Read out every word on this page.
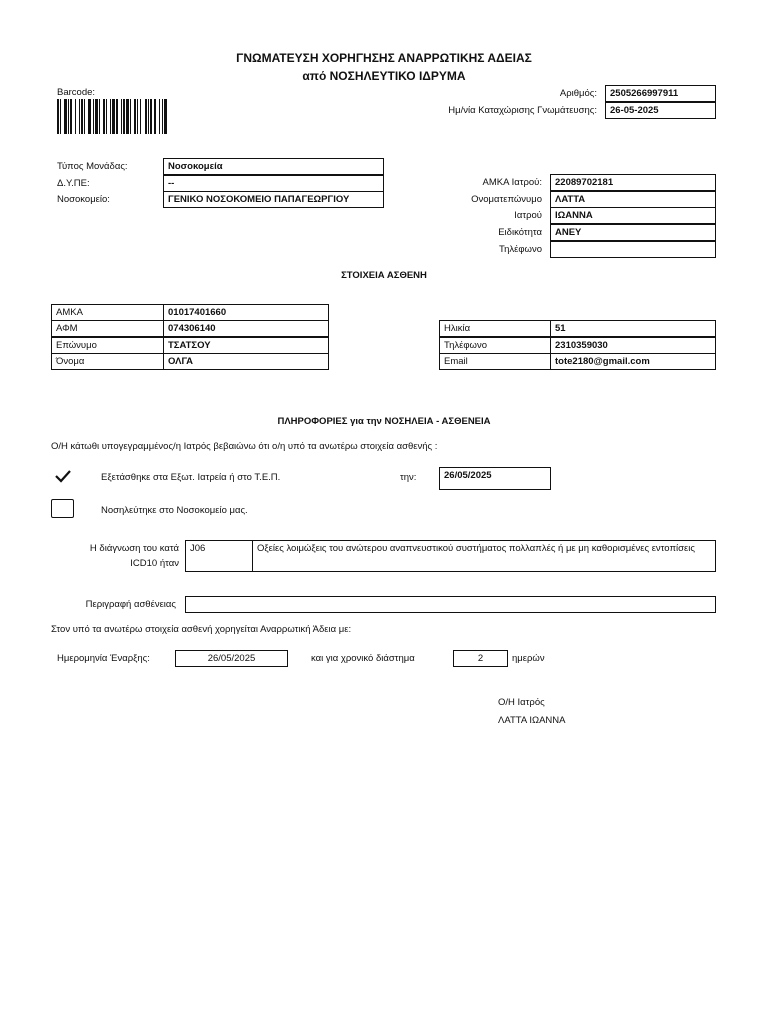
ΓΝΩΜΑΤΕΥΣΗ ΧΟΡΗΓΗΣΗΣ ΑΝΑΡΡΩΤΙΚΗΣ ΑΔΕΙΑΣ
από ΝΟΣΗΛΕΥΤΙΚΟ ΙΔΡΥΜΑ
Barcode:	Αριθμός:	2505266997911
Ημ/νία Καταχώρισης Γνωμάτευσης:	26-05-2025
Τύπος Μονάδας:	Νοσοκομεία
Δ.Υ.ΠΕ:	--
Νοσοκομείο:	ΓΕΝΙΚΟ ΝΟΣΟΚΟΜΕΙΟ ΠΑΠΑΓΕΩΡΓΙΟΥ
ΑΜΚΑ Ιατρού:	22089702181
Ονοματεπώνυμο	ΛΑΤΤΑ
Ιατρού	ΙΩΑΝΝΑ
Ειδικότητα	ΑΝΕΥ
Τηλέφωνο
ΣΤΟΙΧΕΙΑ ΑΣΘΕΝΗ
ΑΜΚΑ	01017401660
ΑΦΜ	074306140
Επώνυμο	ΤΣΑΤΣΟΥ
Όνομα	ΟΛΓΑ
Ηλικία	51
Τηλέφωνο	2310359030
Email	tote2180@gmail.com
ΠΛΗΡΟΦΟΡΙΕΣ για την ΝΟΣΗΛΕΙΑ - ΑΣΘΕΝΕΙΑ
Ο/Η κάτωθι υπογεγραμμένος/η Ιατρός βεβαιώνω ότι ο/η υπό τα ανωτέρω στοιχεία ασθενής :
Εξετάσθηκε στα Εξωτ. Ιατρεία ή στο Τ.Ε.Π.	την:	26/05/2025
Νοσηλεύτηκε στο Νοσοκομείο μας.
Η διάγνωση του κατά
ICD10 ήταν
J06	Οξείες λοιμώξεις του ανώτερου αναπνευστικού συστήματος πολλαπλές ή με μη καθορισμένες εντοπίσεις
Περιγραφή ασθένειας
Στον υπό τα ανωτέρω στοιχεία ασθενή χορηγείται Αναρρωτική Άδεια με:
Ημερομηνία Έναρξης:	26/05/2025	και για χρονικό διάστημα	2	ημερών
Ο/Η Ιατρός
ΛΑΤΤΑ ΙΩΑΝΝΑ
